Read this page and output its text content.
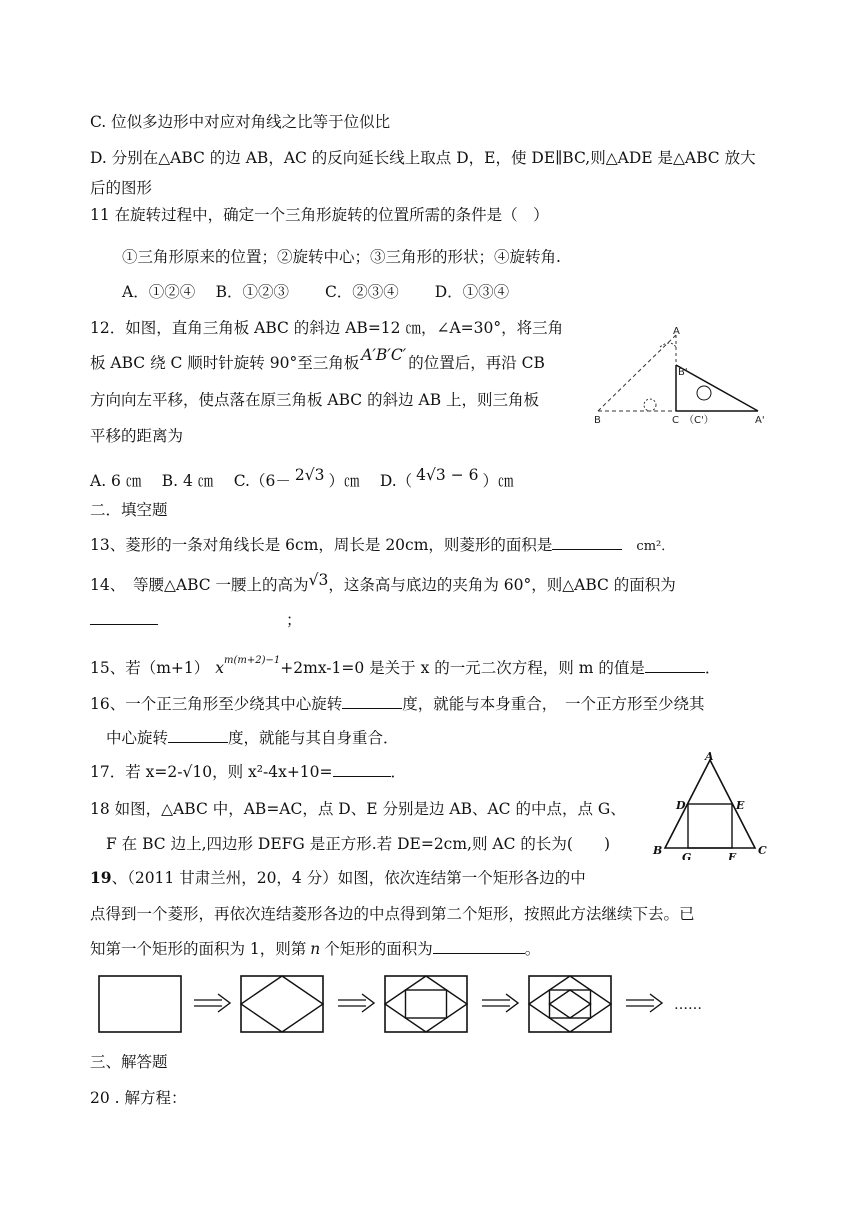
C. 位似多边形中对应对角线之比等于位似比
D. 分别在△ABC 的边 AB，AC 的反向延长线上取点 D，E，使 DE∥BC,则△ADE 是△ABC 放大
后的图形
11 在旋转过程中，确定一个三角形旋转的位置所需的条件是（　）
①三角形原来的位置；②旋转中心；③三角形的形状；④旋转角.
A．①②④　 B．①②③　　 C．②③④　　 D．①③④
12．如图，直角三角板 ABC 的斜边 AB=12 ㎝，∠A=30°，将三角
板 ABC 绕 C 顺时针旋转 90°至三角板 A′B′C′ 的位置后，再沿 CB
方向向左平移，使点落在原三角板 ABC 的斜边 AB 上，则三角板
平移的距离为
A. 6 ㎝　 B. 4 ㎝　 C.（6－ 2√3 ）㎝　 D.（ 4√3 − 6 ）㎝
二．填空题
13、菱形的一条对角线长是 6cm，周长是 20cm，则菱形的面积是	cm²．
14、　等腰△ABC 一腰上的高为√3，这条高与底边的夹角为 60°，则△ABC 的面积为
；
15、若（m+1） $x^{m(m+2)-1}+2mx-1=0$ 是关于 x 的一元二次方程，则 m 的值是	．
16、一个正三角形至少绕其中心旋转	度，就能与本身重合，　一个正方形至少绕其
中心旋转	度，就能与其自身重合．
17．若 x=2-√10，则 x²-4x+10=	．
18 如图，△ABC 中，AB=AC，点 D、E 分别是边 AB、AC 的中点，点 G、
F 在 BC 边上,四边形 DEFG 是正方形.若 DE=2cm,则 AC 的长为(　　)
19、（2011 甘肃兰州，20，4 分）如图，依次连结第一个矩形各边的中
点得到一个菱形，再依次连结菱形各边的中点得到第二个矩形，按照此方法继续下去。已
知第一个矩形的面积为 1，则第 n 个矩形的面积为	。
三、解答题
20 . 解方程：
A
B'
B	C （C'）	A'
A
D	E
B
G	F
C
……
